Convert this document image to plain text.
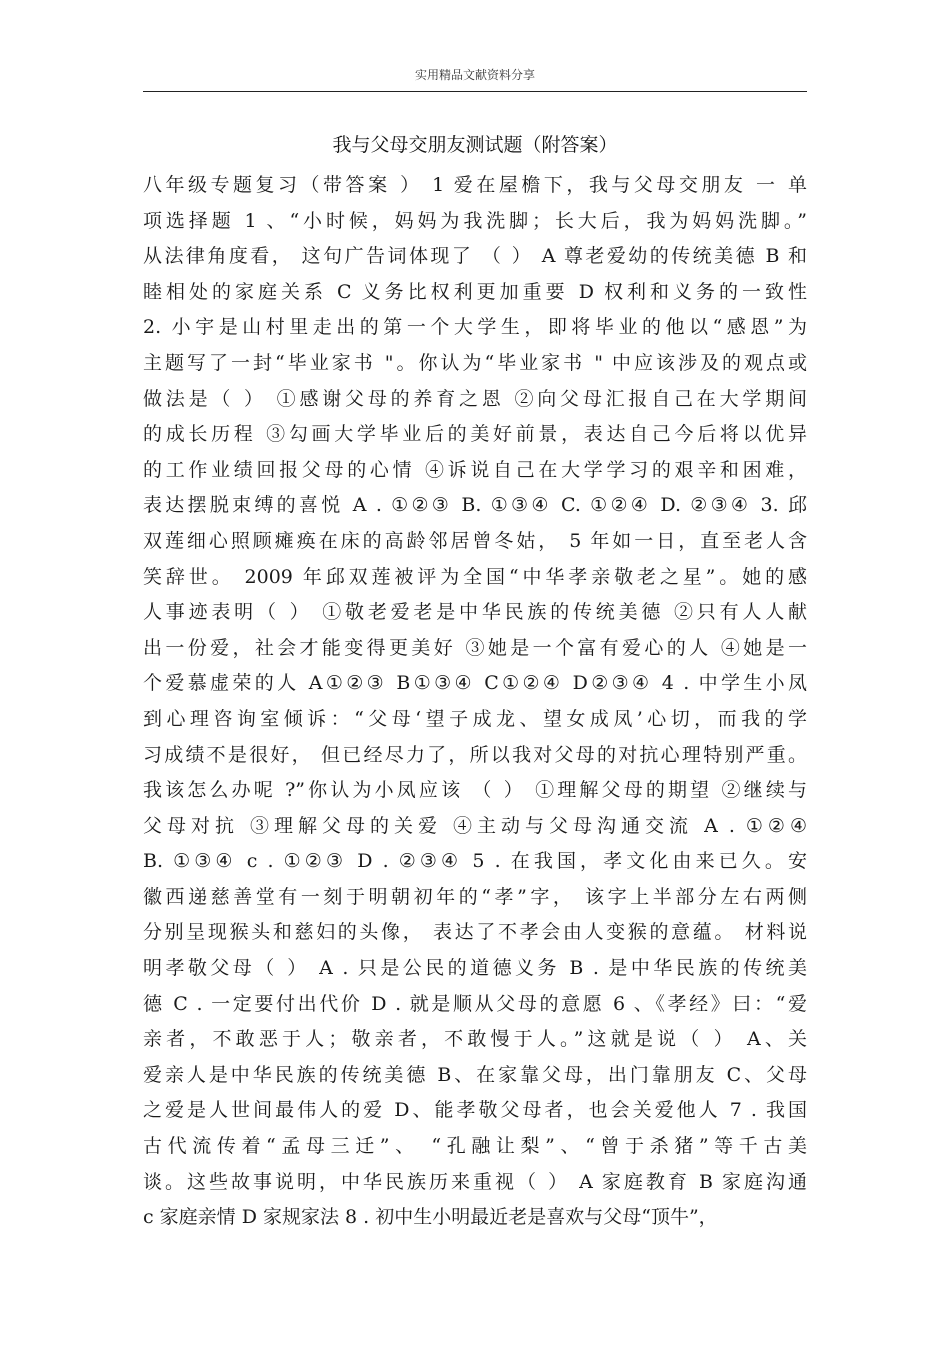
实用精品文献资料分享
我与父母交朋友测试题（附答案）
八年级专题复习（带答案 ） 1 爱在屋檐下，我与父母交朋友 一 单
项选择题 1 、“小时候，妈妈为我洗脚；长大后，我为妈妈洗脚。”
从法律角度看， 这句广告词体现了 （ ） A 尊老爱幼的传统美德 B 和
睦相处的家庭关系 C 义务比权利更加重要 D 权利和义务的一致性
2. 小宇是山村里走出的第一个大学生，即将毕业的他以“感恩”为
主题写了一封“毕业家书 "。你认为“毕业家书 " 中应该涉及的观点或
做法是（ ） ①感谢父母的养育之恩 ②向父母汇报自己在大学期间
的成长历程 ③勾画大学毕业后的美好前景，表达自己今后将以优异
的工作业绩回报父母的心情 ④诉说自己在大学学习的艰辛和困难，
表达摆脱束缚的喜悦 A . ①②③ B. ①③④ C. ①②④ D. ②③④ 3. 邱
双莲细心照顾瘫痪在床的高龄邻居曾冬姑， 5 年如一日，直至老人含
笑辞世。 2009 年邱双莲被评为全国“中华孝亲敬老之星”。她的感
人事迹表明（ ） ①敬老爱老是中华民族的传统美德 ②只有人人献
出一份爱，社会才能变得更美好 ③她是一个富有爱心的人 ④她是一
个爱慕虚荣的人 A①②③ B①③④ C①②④ D②③④ 4 . 中学生小凤
到心理咨询室倾诉：“父母‘望子成龙、望女成凤’心切，而我的学
习成绩不是很好， 但已经尽力了，所以我对父母的对抗心理特别严重。
我该怎么办呢 ?”你认为小凤应该 （ ） ①理解父母的期望 ②继续与
父母对抗 ③理解父母的关爱 ④主动与父母沟通交流 A . ①②④
B. ①③④ c . ①②③ D . ②③④ 5 . 在我国，孝文化由来已久。安
徽西递慈善堂有一刻于明朝初年的“孝”字， 该字上半部分左右两侧
分别呈现猴头和慈妇的头像， 表达了不孝会由人变猴的意蕴。 材料说
明孝敬父母（ ） A . 只是公民的道德义务 B . 是中华民族的传统美
德 C . 一定要付出代价 D . 就是顺从父母的意愿 6 、《孝经》曰：“爱
亲者，不敢恶于人；敬亲者，不敢慢于人。”这就是说（ ） A、关
爱亲人是中华民族的传统美德 B、在家靠父母，出门靠朋友 C、父母
之爱是人世间最伟人的爱 D、能孝敬父母者，也会关爱他人 7 . 我国
古代流传着“孟母三迁”、 “孔融让梨”、“曾于杀猪”等千古美
谈。这些故事说明，中华民族历来重视（ ） A 家庭教育 B 家庭沟通
c 家庭亲情 D 家规家法 8 . 初中生小明最近老是喜欢与父母“顶牛”，
